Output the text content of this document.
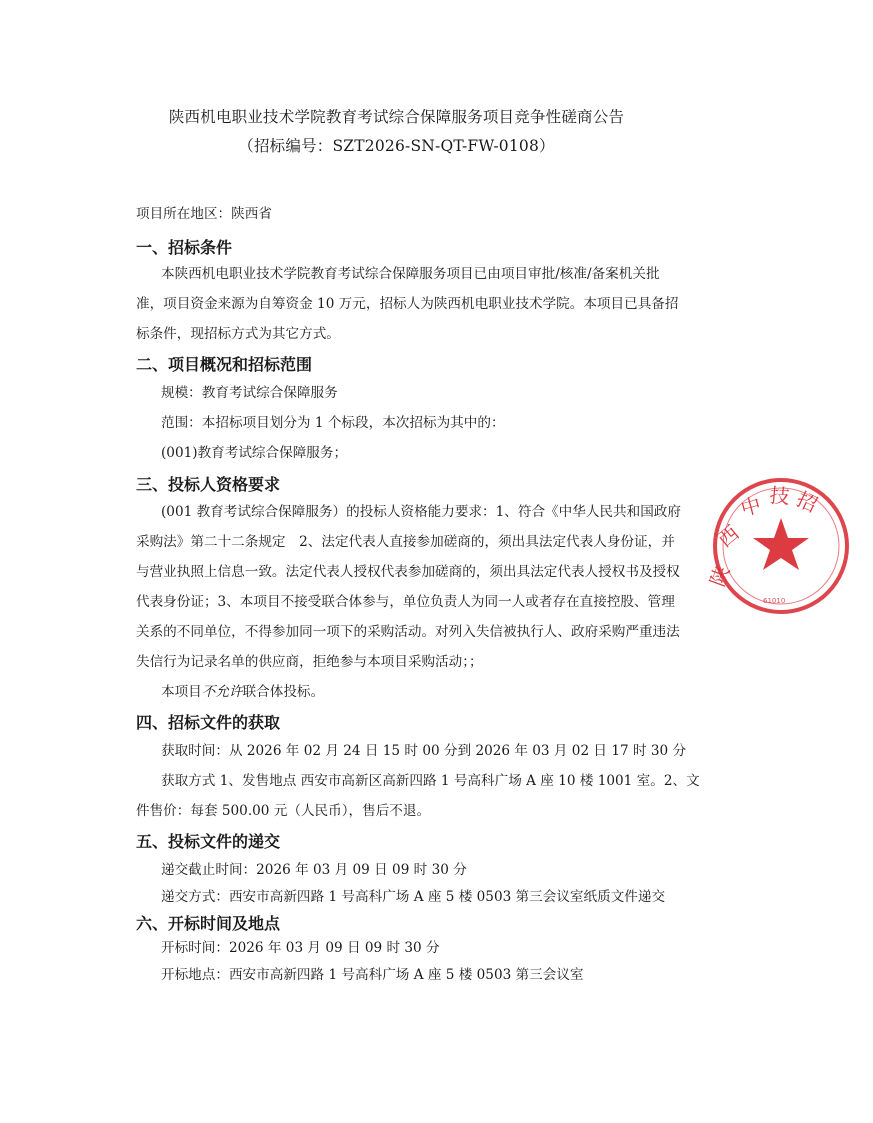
陕西机电职业技术学院教育考试综合保障服务项目竞争性磋商公告
（招标编号：SZT2026-SN-QT-FW-0108）
项目所在地区：陕西省
一、招标条件
本陕西机电职业技术学院教育考试综合保障服务项目已由项目审批/核准/备案机关批
准，项目资金来源为自筹资金 10 万元，招标人为陕西机电职业技术学院。本项目已具备招
标条件，现招标方式为其它方式。
二、项目概况和招标范围
规模：教育考试综合保障服务
范围：本招标项目划分为 1 个标段，本次招标为其中的：
(001)教育考试综合保障服务；
三、投标人资格要求
(001 教育考试综合保障服务）的投标人资格能力要求：1、符合《中华人民共和国政府
采购法》第二十二条规定　2、法定代表人直接参加磋商的，须出具法定代表人身份证，并
与营业执照上信息一致。法定代表人授权代表参加磋商的，须出具法定代表人授权书及授权
代表身份证；3、本项目不接受联合体参与，单位负责人为同一人或者存在直接控股、管理
关系的不同单位，不得参加同一项下的采购活动。对列入失信被执行人、政府采购严重违法
失信行为记录名单的供应商，拒绝参与本项目采购活动；；
本项目不允许联合体投标。
四、招标文件的获取
获取时间：从 2026 年 02 月 24 日 15 时 00 分到 2026 年 03 月 02 日 17 时 30 分
获取方式 1、发售地点 西安市高新区高新四路 1 号高科广场 A 座 10 楼 1001 室。2、文
件售价：每套 500.00 元（人民币），售后不退。
五、投标文件的递交
递交截止时间：2026 年 03 月 09 日 09 时 30 分
递交方式：西安市高新四路 1 号高科广场 A 座 5 楼 0503 第三会议室纸质文件递交
六、开标时间及地点
开标时间：2026 年 03 月 09 日 09 时 30 分
开标地点：西安市高新四路 1 号高科广场 A 座 5 楼 0503 第三会议室
陕
西
中 技 招
61010
